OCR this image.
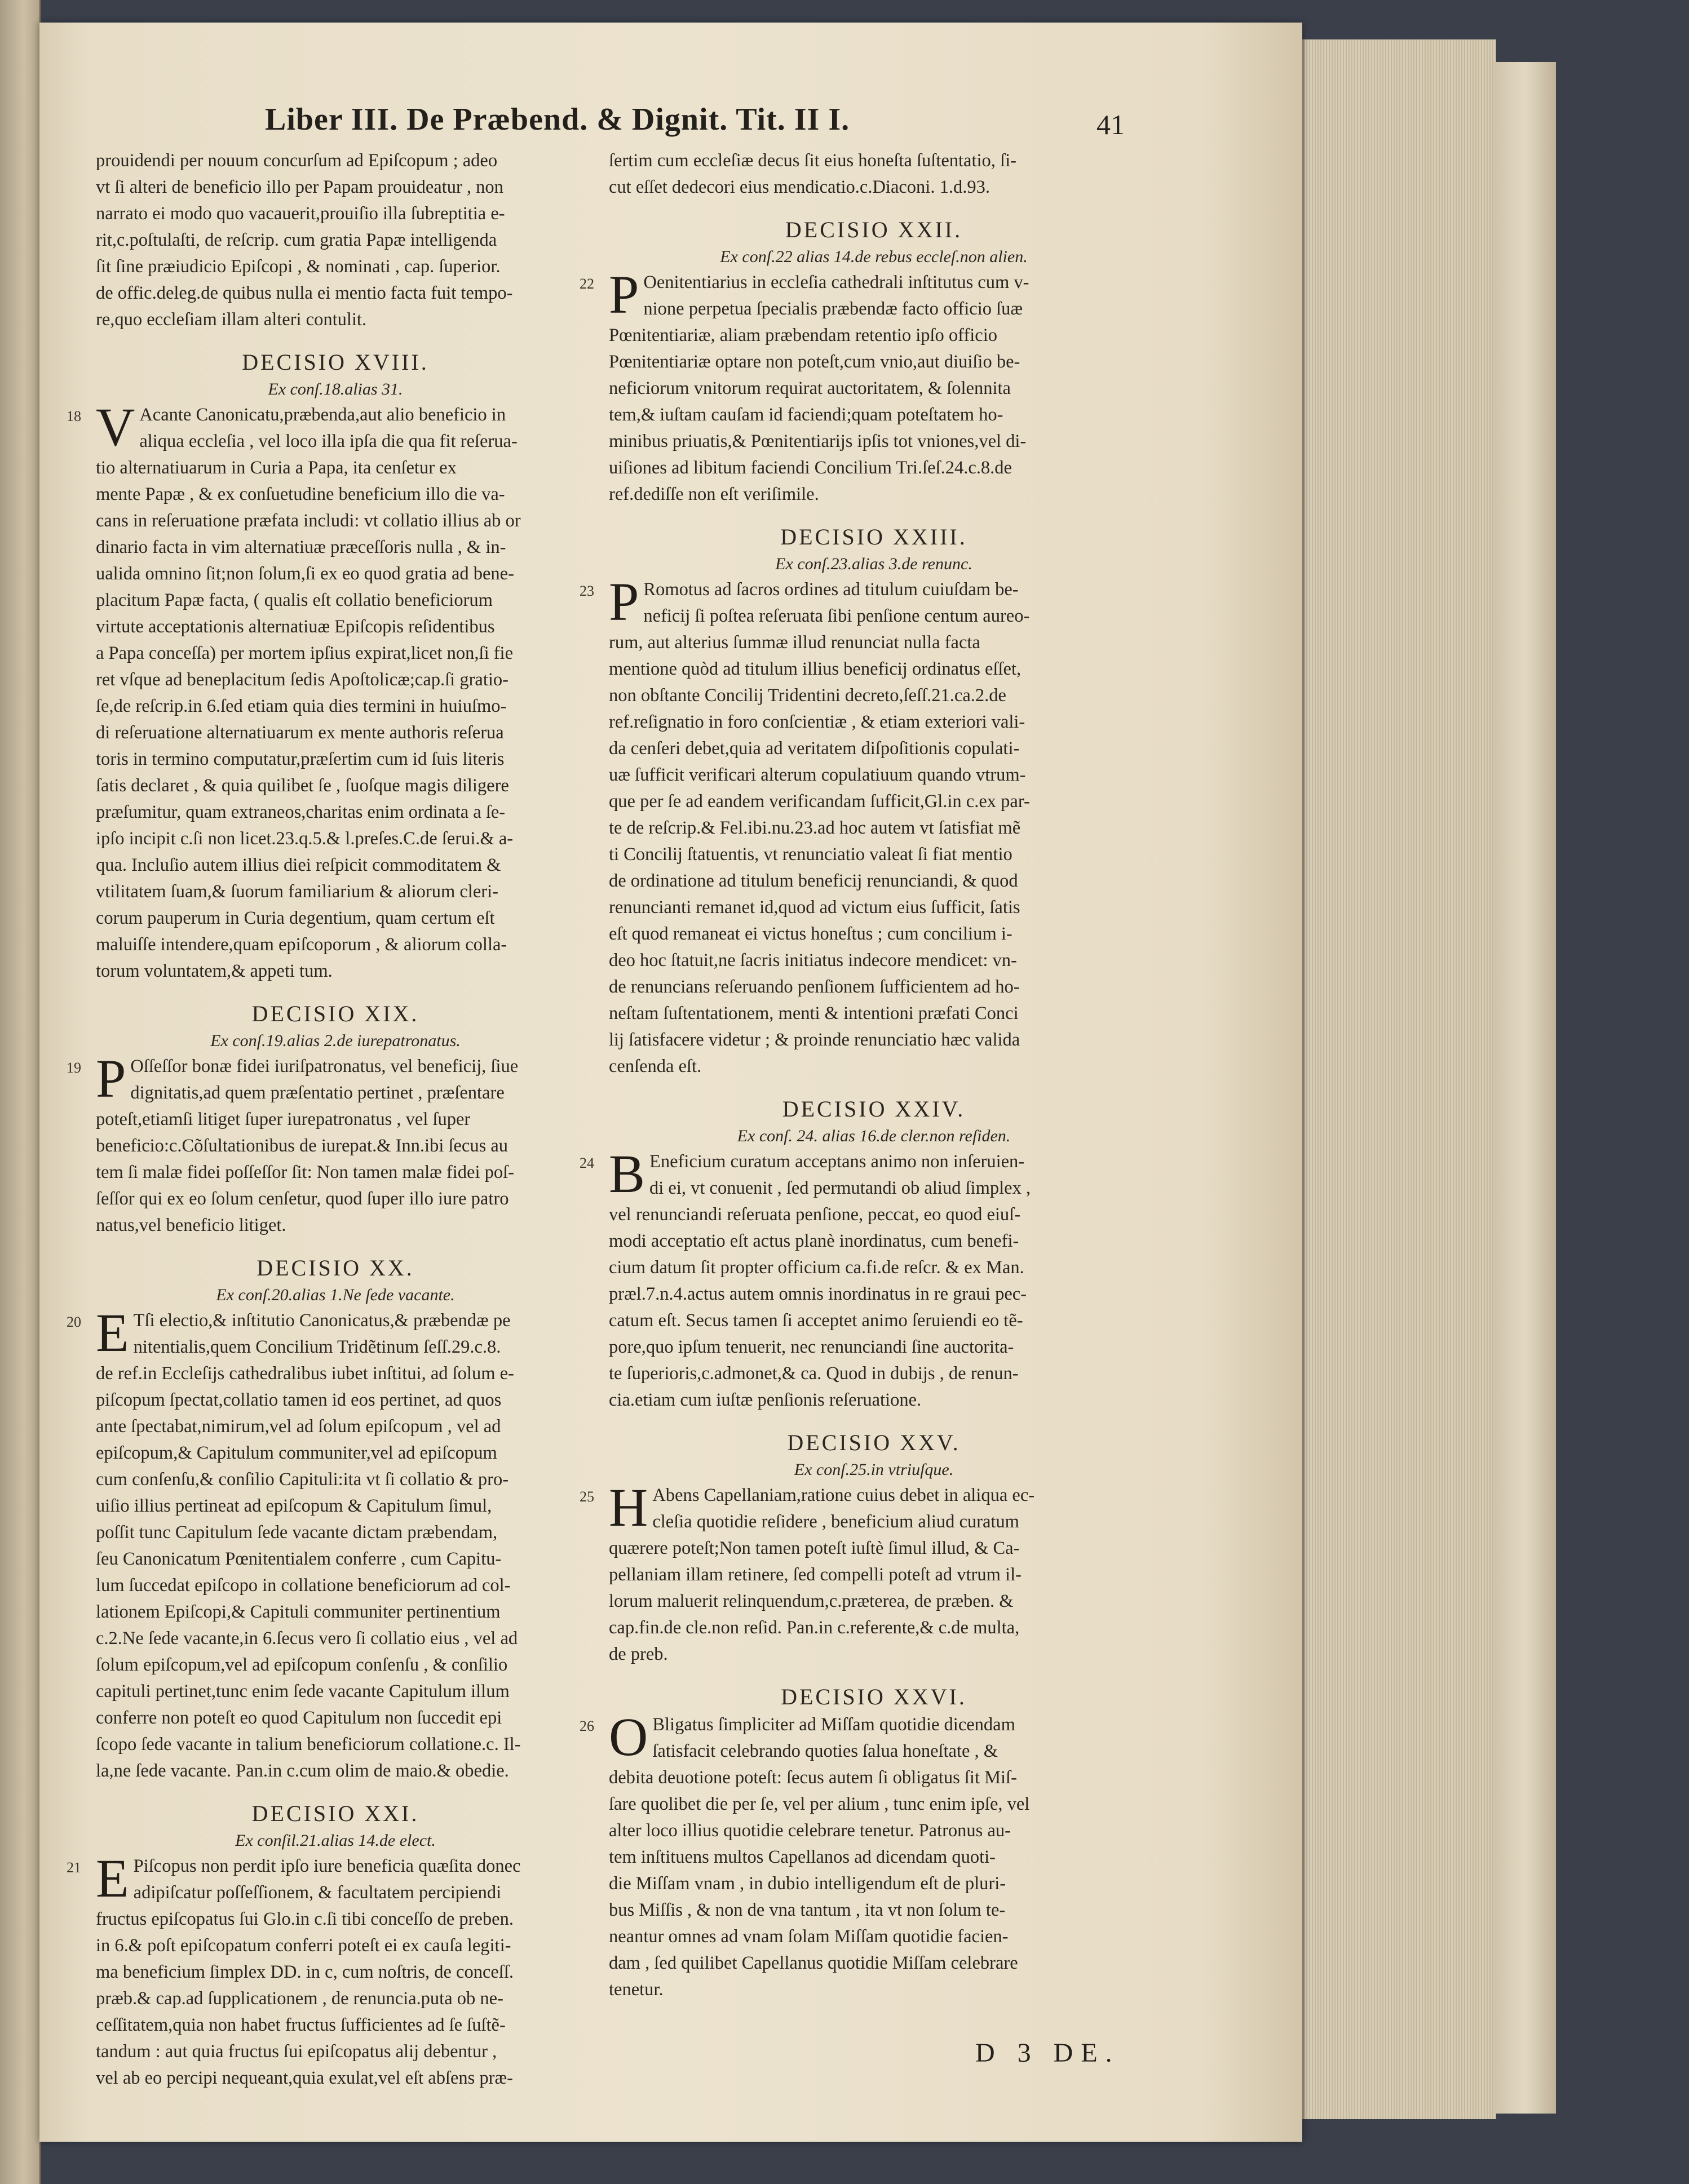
Liber III. De Præbend. & Dignit. Tit. II I.	41

prouidendi per nouum concurſum ad Epiſcopum ; adeo

vt ſi alteri de beneficio illo per Papam prouideatur , non

narrato ei modo quo vacauerit,prouiſio illa ſubreptitia e-

rit,c.poſtulaſti, de reſcrip. cum gratia Papæ intelligenda

ſit ſine præiudicio Epiſcopi , & nominati , cap. ſuperior.

de offic.deleg.de quibus nulla ei mentio facta fuit tempo-

re,quo eccleſiam illam alteri contulit.

DECISIO XVIII.
Ex conſ.18.alias 31.
18 V Acante Canonicatu,præbenda,aut alio beneficio in

aliqua eccleſia , vel loco illa ipſa die qua fit reſerua-

tio alternatiuarum in Curia a Papa, ita cenſetur ex

mente Papæ , & ex conſuetudine beneficium illo die va-

cans in reſeruatione præfata includi: vt collatio illius ab or

dinario facta in vim alternatiuæ præceſſoris nulla , & in-

ualida omnino ſit;non ſolum,ſi ex eo quod gratia ad bene-

placitum Papæ facta, ( qualis eſt collatio beneficiorum

virtute acceptationis alternatiuæ Epiſcopis reſidentibus

a Papa conceſſa) per mortem ipſius expirat,licet non,ſi fie

ret vſque ad beneplacitum ſedis Apoſtolicæ;cap.ſi gratio-

ſe,de reſcrip.in 6.ſed etiam quia dies termini in huiuſmo-

di reſeruatione alternatiuarum ex mente authoris reſerua

toris in termino computatur,præſertim cum id ſuis literis

ſatis declaret , & quia quilibet ſe , ſuoſque magis diligere

præſumitur, quam extraneos,charitas enim ordinata a ſe-

ipſo incipit c.ſi non licet.23.q.5.& l.preſes.C.de ſerui.& a-

qua. Incluſio autem illius diei reſpicit commoditatem &

vtilitatem ſuam,& ſuorum familiarium & aliorum cleri-

corum pauperum in Curia degentium, quam certum eſt

maluiſſe intendere,quam epiſcoporum , & aliorum colla-

torum voluntatem,& appeti tum.

DECISIO XIX.
Ex conſ.19.alias 2.de iurepatronatus.
19 P Oſſeſſor bonæ fidei iuriſpatronatus, vel beneficij, ſiue

dignitatis,ad quem præſentatio pertinet , præſentare

poteſt,etiamſi litiget ſuper iurepatronatus , vel ſuper

beneficio:c.Cõſultationibus de iurepat.& Inn.ibi ſecus au

tem ſi malæ fidei poſſeſſor ſit: Non tamen malæ fidei poſ-

ſeſſor qui ex eo ſolum cenſetur, quod ſuper illo iure patro

natus,vel beneficio litiget.

DECISIO XX.
Ex conſ.20.alias 1.Ne ſede vacante.
20 E Tſi electio,& inſtitutio Canonicatus,& præbendæ pe

nitentialis,quem Concilium Tridẽtinum ſeſſ.29.c.8.

de ref.in Eccleſijs cathedralibus iubet inſtitui, ad ſolum e-

piſcopum ſpectat,collatio tamen id eos pertinet, ad quos

ante ſpectabat,nimirum,vel ad ſolum epiſcopum , vel ad

epiſcopum,& Capitulum communiter,vel ad epiſcopum

cum conſenſu,& conſilio Capituli:ita vt ſi collatio & pro-

uiſio illius pertineat ad epiſcopum & Capitulum ſimul,

poſſit tunc Capitulum ſede vacante dictam præbendam,

ſeu Canonicatum Pœnitentialem conferre , cum Capitu-

lum ſuccedat epiſcopo in collatione beneficiorum ad col-

lationem Epiſcopi,& Capituli communiter pertinentium

c.2.Ne ſede vacante,in 6.ſecus vero ſi collatio eius , vel ad

ſolum epiſcopum,vel ad epiſcopum conſenſu , & conſilio

capituli pertinet,tunc enim ſede vacante Capitulum illum

conferre non poteſt eo quod Capitulum non ſuccedit epi

ſcopo ſede vacante in talium beneficiorum collatione.c. Il-

la,ne ſede vacante. Pan.in c.cum olim de maio.& obedie.

DECISIO XXI.
Ex conſil.21.alias 14.de elect.
21 E Piſcopus non perdit ipſo iure beneficia quæſita donec

adipiſcatur poſſeſſionem, & facultatem percipiendi

fructus epiſcopatus ſui Glo.in c.ſi tibi conceſſo de preben.

in 6.& poſt epiſcopatum conferri poteſt ei ex cauſa legiti-

ma beneficium ſimplex DD. in c, cum noſtris, de conceſſ.

præb.& cap.ad ſupplicationem , de renuncia.puta ob ne-

ceſſitatem,quia non habet fructus ſufficientes ad ſe ſuſtẽ-

tandum : aut quia fructus ſui epiſcopatus alij debentur ,

vel ab eo percipi nequeant,quia exulat,vel eſt abſens præ-

ſertim cum eccleſiæ decus ſit eius honeſta ſuſtentatio, ſi-

cut eſſet dedecori eius mendicatio.c.Diaconi. 1.d.93.

DECISIO XXII.
Ex conſ.22 alias 14.de rebus eccleſ.non alien.
22 P Oenitentiarius in eccleſia cathedrali inſtitutus cum v-

nione perpetua ſpecialis præbendæ facto officio ſuæ

Pœnitentiariæ, aliam præbendam retentio ipſo officio

Pœnitentiariæ optare non poteſt,cum vnio,aut diuiſio be-

neficiorum vnitorum requirat auctoritatem, & ſolennita

tem,& iuſtam cauſam id faciendi;quam poteſtatem ho-

minibus priuatis,& Pœnitentiarijs ipſis tot vniones,vel di-

uiſiones ad libitum faciendi Concilium Tri.ſeſ.24.c.8.de

ref.dediſſe non eſt veriſimile.

DECISIO XXIII.
Ex conſ.23.alias 3.de renunc.
23 P Romotus ad ſacros ordines ad titulum cuiuſdam be-

neficij ſi poſtea reſeruata ſibi penſione centum aureo-

rum, aut alterius ſummæ illud renunciat nulla facta

mentione quòd ad titulum illius beneficij ordinatus eſſet,

non obſtante Concilij Tridentini decreto,ſeſſ.21.ca.2.de

ref.reſignatio in foro conſcientiæ , & etiam exteriori vali-

da cenſeri debet,quia ad veritatem diſpoſitionis copulati-

uæ ſufficit verificari alterum copulatiuum quando vtrum-

que per ſe ad eandem verificandam ſufficit,Gl.in c.ex par-

te de reſcrip.& Fel.ibi.nu.23.ad hoc autem vt ſatisfiat mẽ

ti Concilij ſtatuentis, vt renunciatio valeat ſi fiat mentio

de ordinatione ad titulum beneficij renunciandi, & quod

renuncianti remanet id,quod ad victum eius ſufficit, ſatis

eſt quod remaneat ei victus honeſtus ; cum concilium i-

deo hoc ſtatuit,ne ſacris initiatus indecore mendicet: vn-

de renuncians reſeruando penſionem ſufficientem ad ho-

neſtam ſuſtentationem, menti & intentioni præfati Conci

lij ſatisfacere videtur ; & proinde renunciatio hæc valida

cenſenda eſt.

DECISIO XXIV.
Ex conſ. 24. alias 16.de cler.non reſiden.
24 B Eneficium curatum acceptans animo non inſeruien-

di ei, vt conuenit , ſed permutandi ob aliud ſimplex ,

vel renunciandi reſeruata penſione, peccat, eo quod eiuſ-

modi acceptatio eſt actus planè inordinatus, cum benefi-

cium datum ſit propter officium ca.fi.de reſcr. & ex Man.

præl.7.n.4.actus autem omnis inordinatus in re graui pec-

catum eſt. Secus tamen ſi acceptet animo ſeruiendi eo tẽ-

pore,quo ipſum tenuerit, nec renunciandi ſine auctorita-

te ſuperioris,c.admonet,& ca. Quod in dubijs , de renun-

cia.etiam cum iuſtæ penſionis reſeruatione.

DECISIO XXV.
Ex conſ.25.in vtriuſque.
25 H Abens Capellaniam,ratione cuius debet in aliqua ec-

cleſia quotidie reſidere , beneficium aliud curatum

quærere poteſt;Non tamen poteſt iuſtè ſimul illud, & Ca-

pellaniam illam retinere, ſed compelli poteſt ad vtrum il-

lorum maluerit relinquendum,c.præterea, de præben. &

cap.fin.de cle.non reſid. Pan.in c.referente,& c.de multa,

de preb.

DECISIO XXVI.
26 O Bligatus ſimpliciter ad Miſſam quotidie dicendam

ſatisfacit celebrando quoties ſalua honeſtate , &

debita deuotione poteſt: ſecus autem ſi obligatus ſit Miſ-

ſare quolibet die per ſe, vel per alium , tunc enim ipſe, vel

alter loco illius quotidie celebrare tenetur. Patronus au-

tem inſtituens multos Capellanos ad dicendam quoti-

die Miſſam vnam , in dubio intelligendum eſt de pluri-

bus Miſſis , & non de vna tantum , ita vt non ſolum te-

neantur omnes ad vnam ſolam Miſſam quotidie facien-

dam , ſed quilibet Capellanus quotidie Miſſam celebrare

tenetur.

D 3 DE.
